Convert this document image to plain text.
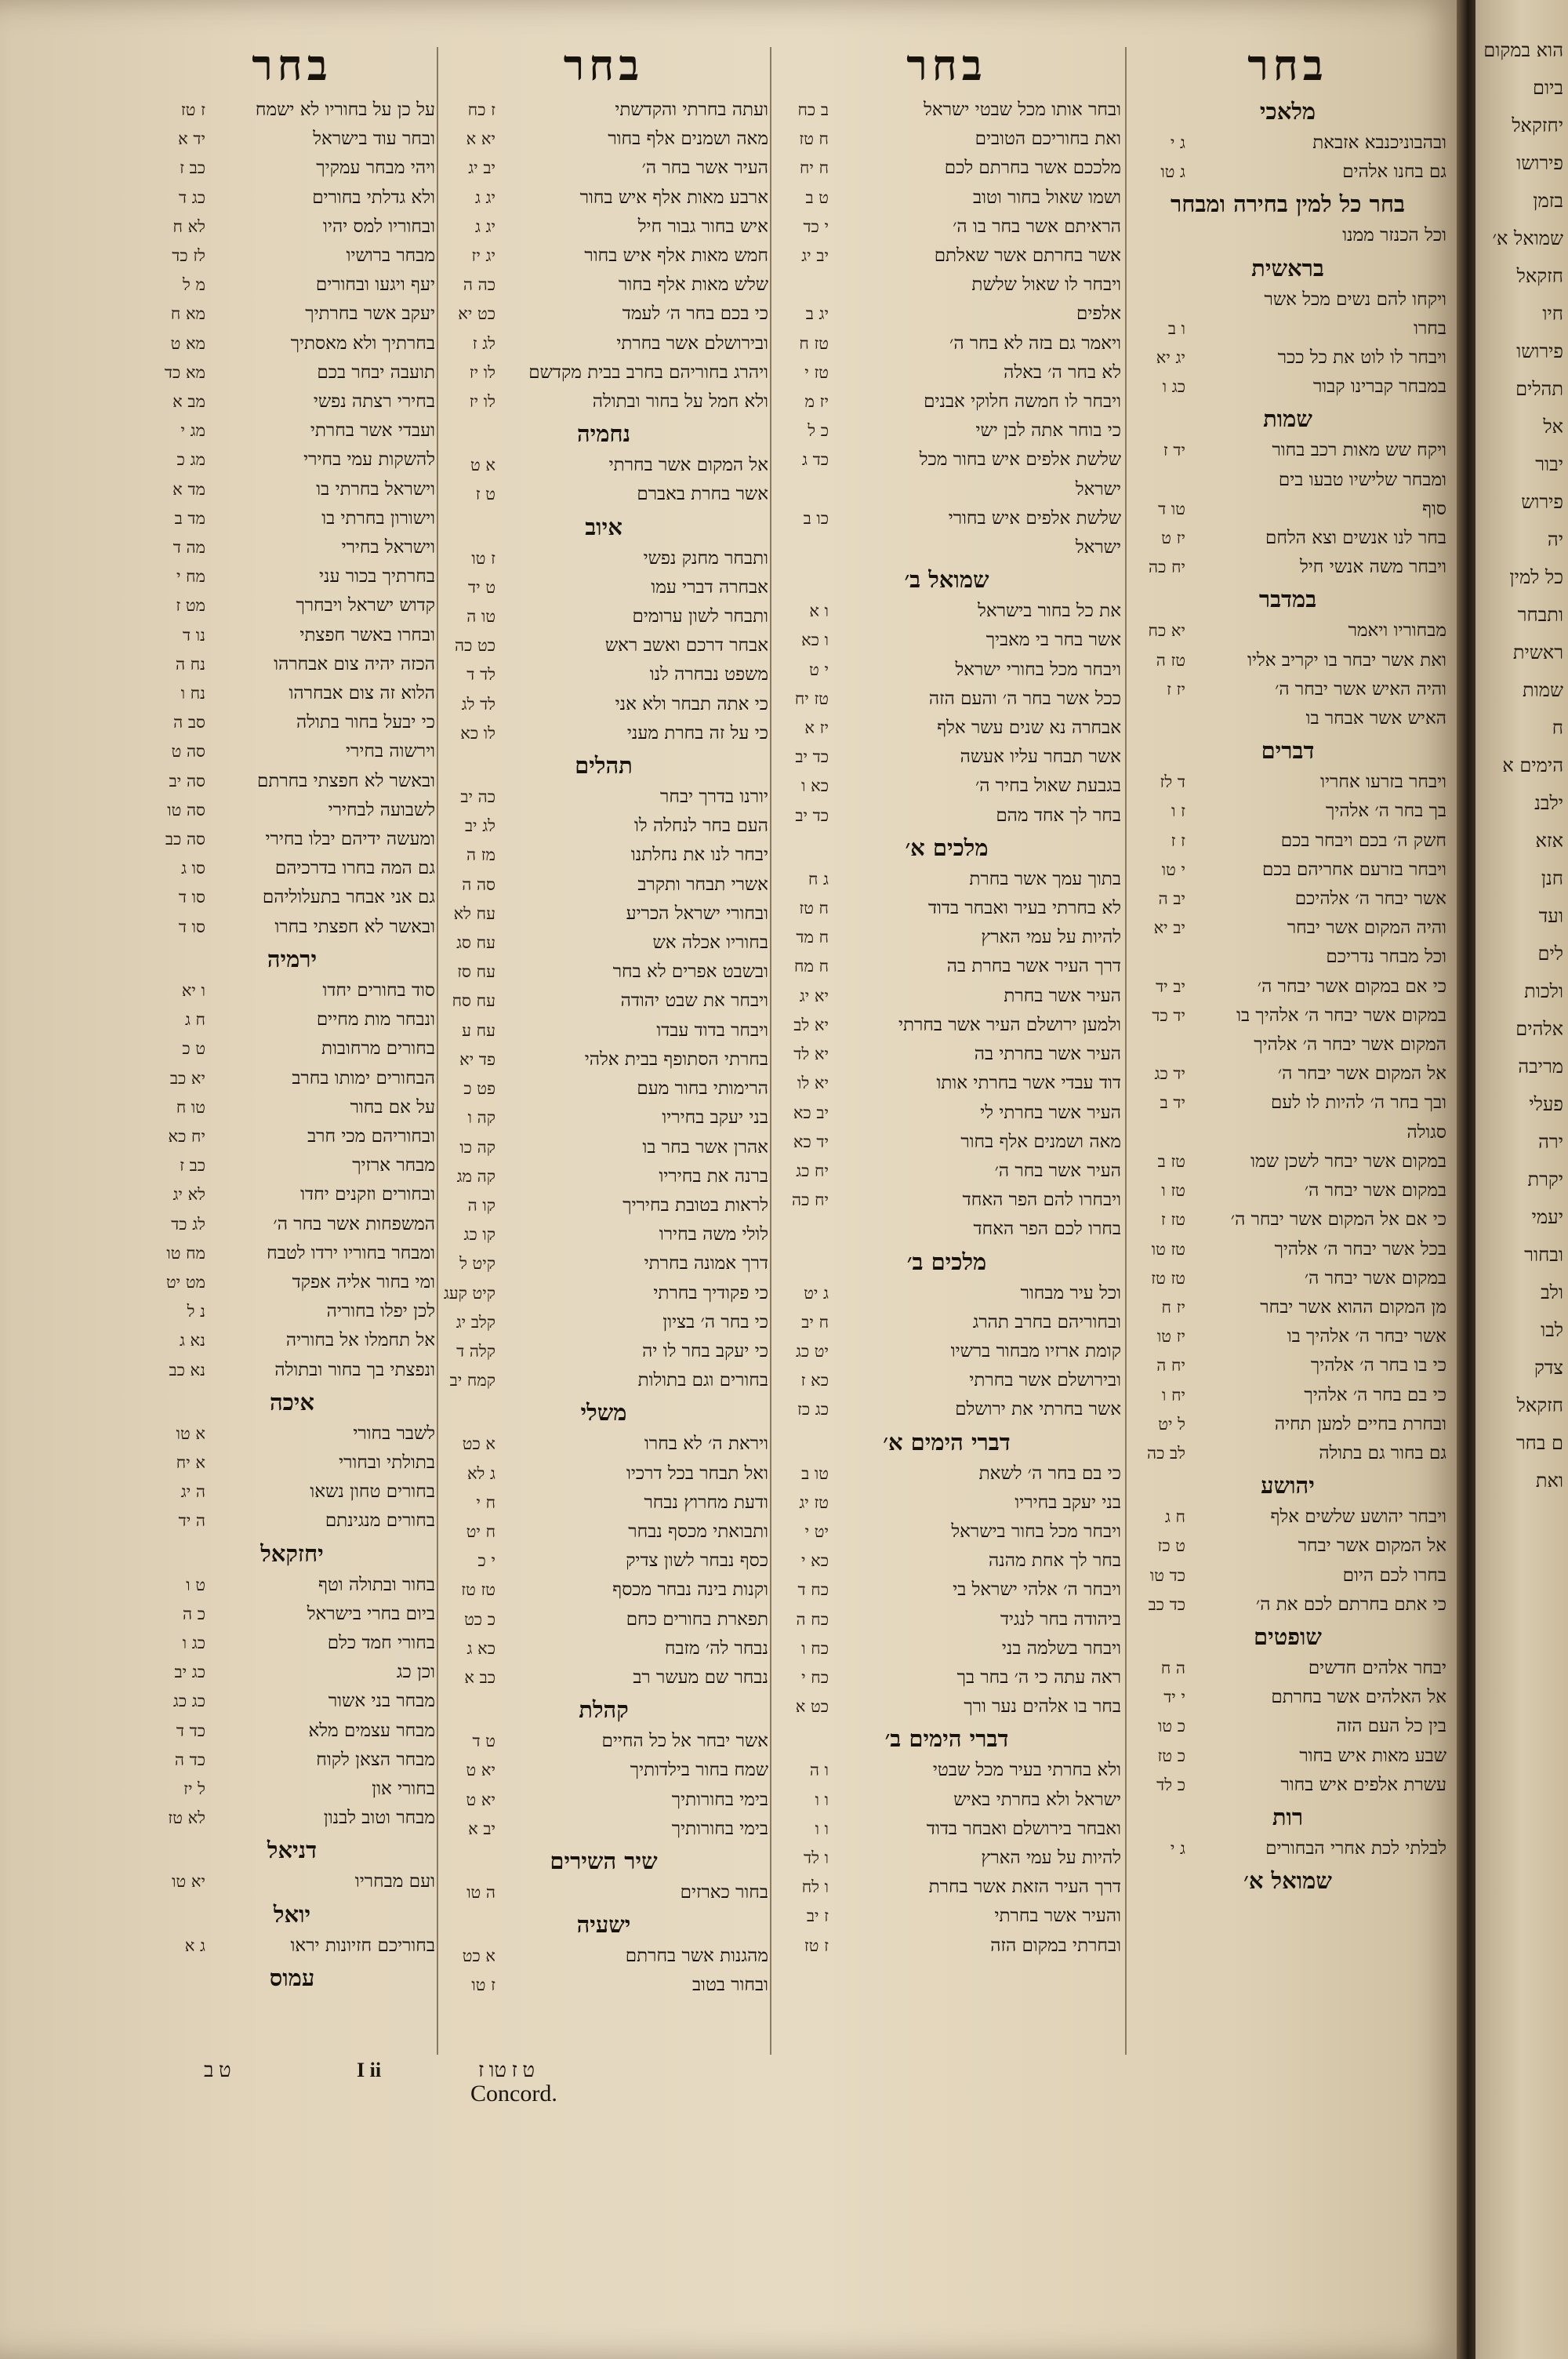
בחר
מלאכי
ובהבוניכנבא אזבאת
ג י
גם בחנו אלהים
ג טו
בחר כל למין בחירה ומבחר
וכל הכנזר ממנו
בראשית
ויקחו להם נשים מכל אשר
בחרו
ו ב
ויבחר לו לוט את כל ככר
יג יא
במבחר קברינו קבור
כג ו
שמות
ויקח שש מאות רכב בחור
יד ז
ומבחר שלישיו טבעו בים
סוף
טו ד
בחר לנו אנשים וצא הלחם
יז ט
ויבחר משה אנשי חיל
יח כה
במדבר
מבחוריו ויאמר
יא כח
ואת אשר יבחר בו יקריב אליו
טז ה
והיה האיש אשר יבחר ה׳
יז ז
האיש אשר אבחר בו
דברים
ויבחר בזרעו אחריו
ד לז
בך בחר ה׳ אלהיך
ז ו
חשק ה׳ בכם ויבחר בכם
ז ז
ויבחר בזרעם אחריהם בכם
י טו
אשר יבחר ה׳ אלהיכם
יב ה
והיה המקום אשר יבחר
יב יא
וכל מבחר נדריכם
כי אם במקום אשר יבחר ה׳
יב יד
במקום אשר יבחר ה׳ אלהיך בו
יד כד
המקום אשר יבחר ה׳ אלהיך
אל המקום אשר יבחר ה׳
יד כג
ובך בחר ה׳ להיות לו לעם
יד ב
סגולה
במקום אשר יבחר לשכן שמו
טז ב
במקום אשר יבחר ה׳
טז ו
כי אם אל המקום אשר יבחר ה׳
טז ז
בכל אשר יבחר ה׳ אלהיך
טז טו
במקום אשר יבחר ה׳
טז טז
מן המקום ההוא אשר יבחר
יז ח
אשר יבחר ה׳ אלהיך בו
יז טו
כי בו בחר ה׳ אלהיך
יח ה
כי בם בחר ה׳ אלהיך
יח ו
ובחרת בחיים למען תחיה
ל יט
גם בחור גם בתולה
לב כה
יהושע
ויבחר יהושע שלשים אלף
ח ג
אל המקום אשר יבחר
ט כז
בחרו לכם היום
כד טו
כי אתם בחרתם לכם את ה׳
כד כב
שופטים
יבחר אלהים חדשים
ה ח
אל האלהים אשר בחרתם
י יד
בין כל העם הזה
כ טו
שבע מאות איש בחור
כ טז
עשרת אלפים איש בחור
כ לד
רות
לבלתי לכת אחרי הבחורים
ג י
שמואל א׳
בחר
ובחר אותו מכל שבטי ישראל
ב כח
ואת בחוריכם הטובים
ח טז
מלככם אשר בחרתם לכם
ח יח
ושמו שאול בחור וטוב
ט ב
הראיתם אשר בחר בו ה׳
י כד
אשר בחרתם אשר שאלתם
יב יג
ויבחר לו שאול שלשת
אלפים
יג ב
ויאמר גם בזה לא בחר ה׳
טז ח
לא בחר ה׳ באלה
טז י
ויבחר לו חמשה חלוקי אבנים
יז מ
כי בוחר אתה לבן ישי
כ ל
שלשת אלפים איש בחור מכל
כד ג
ישראל
שלשת אלפים איש בחורי
כו ב
ישראל
שמואל ב׳
את כל בחור בישראל
ו א
אשר בחר בי מאביך
ו כא
ויבחר מכל בחורי ישראל
י ט
ככל אשר בחר ה׳ והעם הזה
טז יח
אבחרה נא שנים עשר אלף
יז א
אשר תבחר עליו אעשה
כד יב
בגבעת שאול בחיר ה׳
כא ו
בחר לך אחד מהם
כד יב
מלכים א׳
בתוך עמך אשר בחרת
ג ח
לא בחרתי בעיר ואבחר בדוד
ח טז
להיות על עמי הארץ
ח מד
דרך העיר אשר בחרת בה
ח מח
העיר אשר בחרת
יא יג
ולמען ירושלם העיר אשר בחרתי
יא לב
העיר אשר בחרתי בה
יא לד
דוד עבדי אשר בחרתי אותו
יא לו
העיר אשר בחרתי לי
יב כא
מאה ושמנים אלף בחור
יד כא
העיר אשר בחר ה׳
יח כג
ויבחרו להם הפר האחד
יח כה
בחרו לכם הפר האחד
מלכים ב׳
וכל עיר מבחור
ג יט
ובחוריהם בחרב תהרג
ח יב
קומת ארזיו מבחור ברשיו
יט כג
ובירושלם אשר בחרתי
כא ז
אשר בחרתי את ירושלם
כג כז
דברי הימים א׳
כי בם בחר ה׳ לשאת
טו ב
בני יעקב בחיריו
טז יג
ויבחר מכל בחור בישראל
יט י
בחר לך אחת מהנה
כא י
ויבחר ה׳ אלהי ישראל בי
כח ד
ביהודה בחר לנגיד
כח ה
ויבחר בשלמה בני
כח ו
ראה עתה כי ה׳ בחר בך
כח י
בחר בו אלהים נער ורך
כט א
דברי הימים ב׳
ולא בחרתי בעיר מכל שבטי
ו ה
ישראל ולא בחרתי באיש
ו ו
ואבחר בירושלם ואבחר בדוד
ו ו
להיות על עמי הארץ
ו לד
דרך העיר הזאת אשר בחרת
ו לח
והעיר אשר בחרתי
ז יב
ובחרתי במקום הזה
ז טז
בחר
ועתה בחרתי והקדשתי
ז כח
מאה ושמנים אלף בחור
יא א
העיר אשר בחר ה׳
יב יג
ארבע מאות אלף איש בחור
יג ג
איש בחור גבור חיל
יג ג
חמש מאות אלף איש בחור
יג יז
שלש מאות אלף בחור
כה ה
כי בכם בחר ה׳ לעמד
כט יא
ובירושלם אשר בחרתי
לג ז
ויהרג בחוריהם בחרב בבית מקדשם
לו יז
ולא חמל על בחור ובתולה
לו יז
נחמיה
אל המקום אשר בחרתי
א ט
אשר בחרת באברם
ט ז
איוב
ותבחר מחנק נפשי
ז טו
אבחרה דברי עמו
ט יד
ותבחר לשון ערומים
טו ה
אבחר דרכם ואשב ראש
כט כה
משפט נבחרה לנו
לד ד
כי אתה תבחר ולא אני
לד לג
כי על זה בחרת מעני
לו כא
תהלים
יורנו בדרך יבחר
כה יב
העם בחר לנחלה לו
לג יב
יבחר לנו את נחלתנו
מז ה
אשרי תבחר ותקרב
סה ה
ובחורי ישראל הכריע
עח לא
בחוריו אכלה אש
עח סג
ובשבט אפרים לא בחר
עח סז
ויבחר את שבט יהודה
עח סח
ויבחר בדוד עבדו
עח ע
בחרתי הסתופף בבית אלהי
פד יא
הרימותי בחור מעם
פט כ
בני יעקב בחיריו
קה ו
אהרן אשר בחר בו
קה כו
ברנה את בחיריו
קה מג
לראות בטובת בחיריך
קו ה
לולי משה בחירו
קו כג
דרך אמונה בחרתי
קיט ל
כי פקודיך בחרתי
קיט קעג
כי בחר ה׳ בציון
קלב יג
כי יעקב בחר לו יה
קלה ד
בחורים וגם בתולות
קמח יב
משלי
ויראת ה׳ לא בחרו
א כט
ואל תבחר בכל דרכיו
ג לא
ודעת מחרוץ נבחר
ח י
ותבואתי מכסף נבחר
ח יט
כסף נבחר לשון צדיק
י כ
וקנות בינה נבחר מכסף
טז טז
תפארת בחורים כחם
כ כט
נבחר לה׳ מזבח
כא ג
נבחר שם מעשר רב
כב א
קהלת
אשר יבחר אל כל החיים
ט ד
שמח בחור בילדותיך
יא ט
בימי בחורותיך
יא ט
בימי בחורותיך
יב א
שיר השירים
בחור כארזים
ה טו
ישעיה
מהגנות אשר בחרתם
א כט
ובחור בטוב
ז טו
בחר
על כן על בחוריו לא ישמח
ז טז
ובחר עוד בישראל
יד א
ויהי מבחר עמקיך
כב ז
ולא גדלתי בחורים
כג ד
ובחוריו למס יהיו
לא ח
מבחר ברושיו
לז כד
יעף ויגעו ובחורים
מ ל
יעקב אשר בחרתיך
מא ח
בחרתיך ולא מאסתיך
מא ט
תועבה יבחר בכם
מא כד
בחירי רצתה נפשי
מב א
ועבדי אשר בחרתי
מג י
להשקות עמי בחירי
מג כ
וישראל בחרתי בו
מד א
וישורון בחרתי בו
מד ב
וישראל בחירי
מה ד
בחרתיך בכור עני
מח י
קדוש ישראל ויבחרך
מט ז
ובחרו באשר חפצתי
נו ד
הכזה יהיה צום אבחרהו
נח ה
הלוא זה צום אבחרהו
נח ו
כי יבעל בחור בתולה
סב ה
וירשוה בחירי
סה ט
ובאשר לא חפצתי בחרתם
סה יב
לשבועה לבחירי
סה טו
ומעשה ידיהם יבלו בחירי
סה כב
גם המה בחרו בדרכיהם
סו ג
גם אני אבחר בתעלוליהם
סו ד
ובאשר לא חפצתי בחרו
סו ד
ירמיה
סוד בחורים יחדו
ו יא
ונבחר מות מחיים
ח ג
בחורים מרחובות
ט כ
הבחורים ימותו בחרב
יא כב
על אם בחור
טו ח
ובחוריהם מכי חרב
יח כא
מבחר ארזיך
כב ז
ובחורים וזקנים יחדו
לא יג
המשפחות אשר בחר ה׳
לג כד
ומבחר בחוריו ירדו לטבח
מח טו
ומי בחור אליה אפקד
מט יט
לכן יפלו בחוריה
נ ל
אל תחמלו אל בחוריה
נא ג
ונפצתי בך בחור ובתולה
נא כב
איכה
לשבר בחורי
א טו
בתולתי ובחורי
א יח
בחורים טחון נשאו
ה יג
בחורים מנגינתם
ה יד
יחזקאל
בחור ובתולה וטף
ט ו
ביום בחרי בישראל
כ ה
בחורי חמד כלם
כג ו
וכן כג
כג יב
מבחר בני אשור
כג כג
מבחר עצמים מלא
כד ד
מבחר הצאן לקוח
כד ה
בחורי און
ל יז
מבחר וטוב לבנון
לא טז
דניאל
ועם מבחריו
יא טו
יואל
בחוריכם חזיונות יראו
ג א
עמוס
ט ב	I ii	ט ז טו ז
Concord.
הוא במקום
ביום
יחזקאל
פירושו
בזמן
שמואל א׳
חזקאל
חיו
פירושו
תהלים
אל
יבור
פירוש
יה
כל למין
ותבחר
ראשית
שמות
ח
הימים א
ילבנ
אזא
חנן
ועד
לים
ולכות
אלהים
מריבה
פעלי
ירה
יקרת
יעמי
ובחור
ולב
לבו
צדק
חזקאל
ם בחר
ואת
